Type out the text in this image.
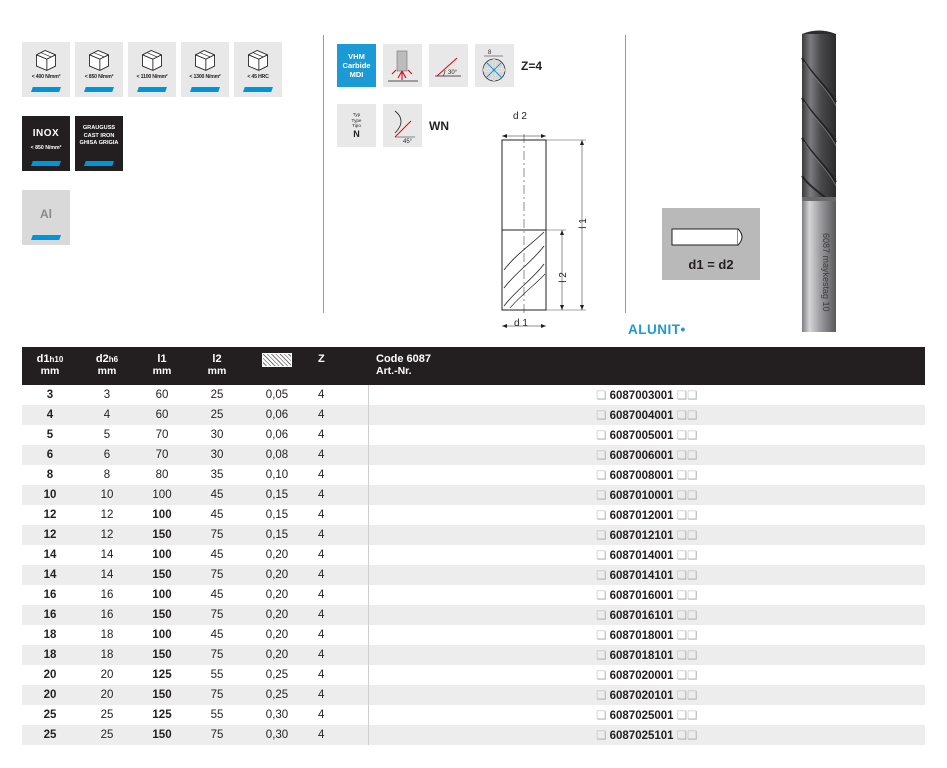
< 400 N/mm²	< 850 N/mm²	< 1100 N/mm²	< 1300 N/mm²	< 45 HRC
INOX
< 850 N/mm²
GRAUGUSS
CAST IRON
GHISA GRIGIA
Al
VHM
Carbide
MDI	30°
8
Z=4
Typ
Type
Tipo
N
45°
WN
d 2
d 1
l 1
l 2
d1 = d2
ALUNIT•
6087 maykestag 10
d1h10
mm	d2h6
mm	l1
mm	l2
mm		Z	Code 6087
Art.-Nr.

3	3	60	25	0,05	4	❑ 6087003001 ❑❑
4	4	60	25	0,06	4	❑ 6087004001 ❑❑
5	5	70	30	0,06	4	❑ 6087005001 ❑❑
6	6	70	30	0,08	4	❑ 6087006001 ❑❑
8	8	80	35	0,10	4	❑ 6087008001 ❑❑
10	10	100	45	0,15	4	❑ 6087010001 ❑❑
12	12	100	45	0,15	4	❑ 6087012001 ❑❑
12	12	150	75	0,15	4	❑ 6087012101 ❑❑
14	14	100	45	0,20	4	❑ 6087014001 ❑❑
14	14	150	75	0,20	4	❑ 6087014101 ❑❑
16	16	100	45	0,20	4	❑ 6087016001 ❑❑
16	16	150	75	0,20	4	❑ 6087016101 ❑❑
18	18	100	45	0,20	4	❑ 6087018001 ❑❑
18	18	150	75	0,20	4	❑ 6087018101 ❑❑
20	20	125	55	0,25	4	❑ 6087020001 ❑❑
20	20	150	75	0,25	4	❑ 6087020101 ❑❑
25	25	125	55	0,30	4	❑ 6087025001 ❑❑
25	25	150	75	0,30	4	❑ 6087025101 ❑❑
